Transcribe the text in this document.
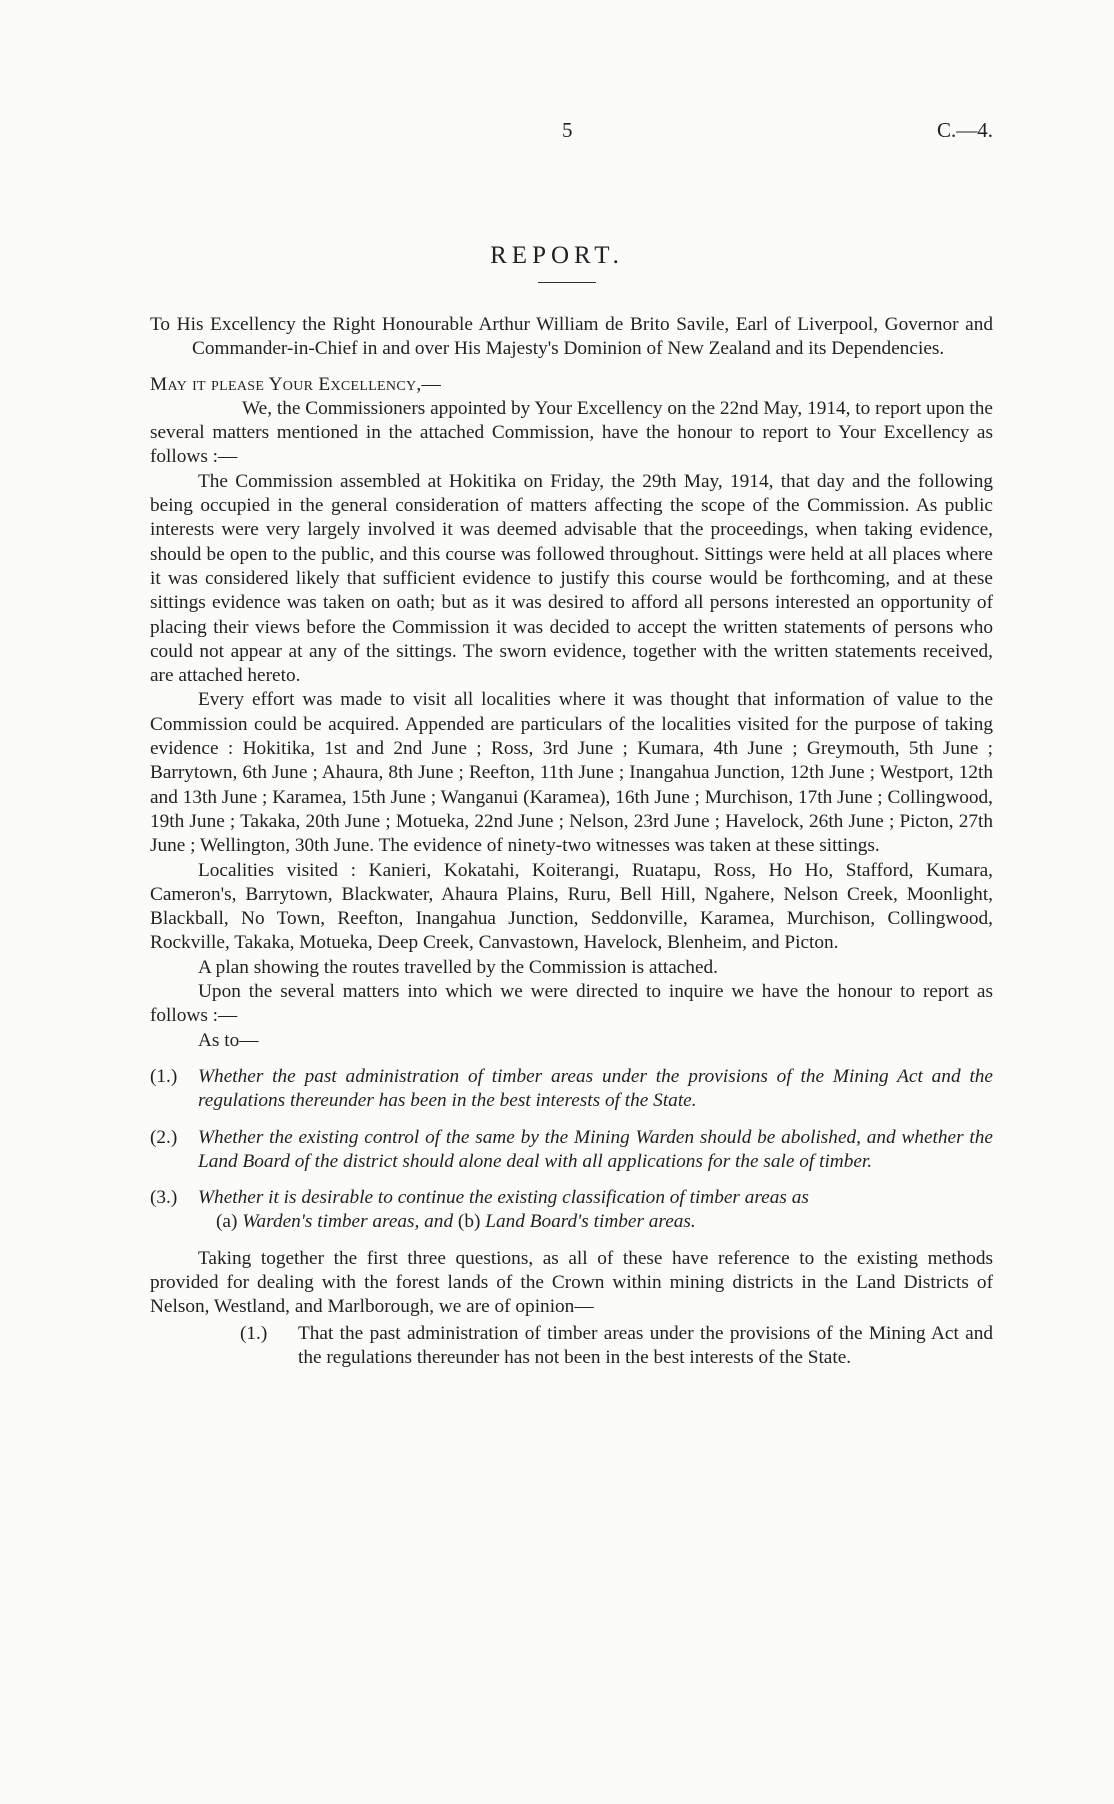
5	C.—4.
REPORT.

To His Excellency the Right Honourable Arthur William de Brito Savile, Earl of Liverpool, Governor and Commander-in-Chief in and over His Majesty's Dominion of New Zealand and its Dependencies.

May it please Your Excellency,—

We, the Commissioners appointed by Your Excellency on the 22nd May, 1914, to report upon the several matters mentioned in the attached Commission, have the honour to report to Your Excellency as follows :—

The Commission assembled at Hokitika on Friday, the 29th May, 1914, that day and the following being occupied in the general consideration of matters affecting the scope of the Commission. As public interests were very largely involved it was deemed advisable that the proceedings, when taking evidence, should be open to the public, and this course was followed throughout. Sittings were held at all places where it was considered likely that sufficient evidence to justify this course would be forthcoming, and at these sittings evidence was taken on oath; but as it was desired to afford all persons interested an opportunity of placing their views before the Commission it was decided to accept the written statements of persons who could not appear at any of the sittings. The sworn evidence, together with the written statements received, are attached hereto.

Every effort was made to visit all localities where it was thought that information of value to the Commission could be acquired. Appended are particulars of the localities visited for the purpose of taking evidence : Hokitika, 1st and 2nd June ; Ross, 3rd June ; Kumara, 4th June ; Greymouth, 5th June ; Barrytown, 6th June ; Ahaura, 8th June ; Reefton, 11th June ; Inangahua Junction, 12th June ; Westport, 12th and 13th June ; Karamea, 15th June ; Wanganui (Karamea), 16th June ; Murchison, 17th June ; Collingwood, 19th June ; Takaka, 20th June ; Motueka, 22nd June ; Nelson, 23rd June ; Havelock, 26th June ; Picton, 27th June ; Wellington, 30th June. The evidence of ninety-two witnesses was taken at these sittings.

Localities visited : Kanieri, Kokatahi, Koiterangi, Ruatapu, Ross, Ho Ho, Stafford, Kumara, Cameron's, Barrytown, Blackwater, Ahaura Plains, Ruru, Bell Hill, Ngahere, Nelson Creek, Moonlight, Blackball, No Town, Reefton, Inangahua Junction, Seddonville, Karamea, Murchison, Collingwood, Rockville, Takaka, Motueka, Deep Creek, Canvastown, Havelock, Blenheim, and Picton.

A plan showing the routes travelled by the Commission is attached.

Upon the several matters into which we were directed to inquire we have the honour to report as follows :—

As to—

(1.)	Whether the past administration of timber areas under the provisions of the Mining Act and the regulations thereunder has been in the best interests of the State.
(2.)	Whether the existing control of the same by the Mining Warden should be abolished, and whether the Land Board of the district should alone deal with all applications for the sale of timber.
(3.)	Whether it is desirable to continue the existing classification of timber areas as
(a) Warden's timber areas, and (b) Land Board's timber areas.

Taking together the first three questions, as all of these have reference to the existing methods provided for dealing with the forest lands of the Crown within mining districts in the Land Districts of Nelson, Westland, and Marlborough, we are of opinion—

(1.)	That the past administration of timber areas under the provisions of the Mining Act and the regulations thereunder has not been in the best interests of the State.
